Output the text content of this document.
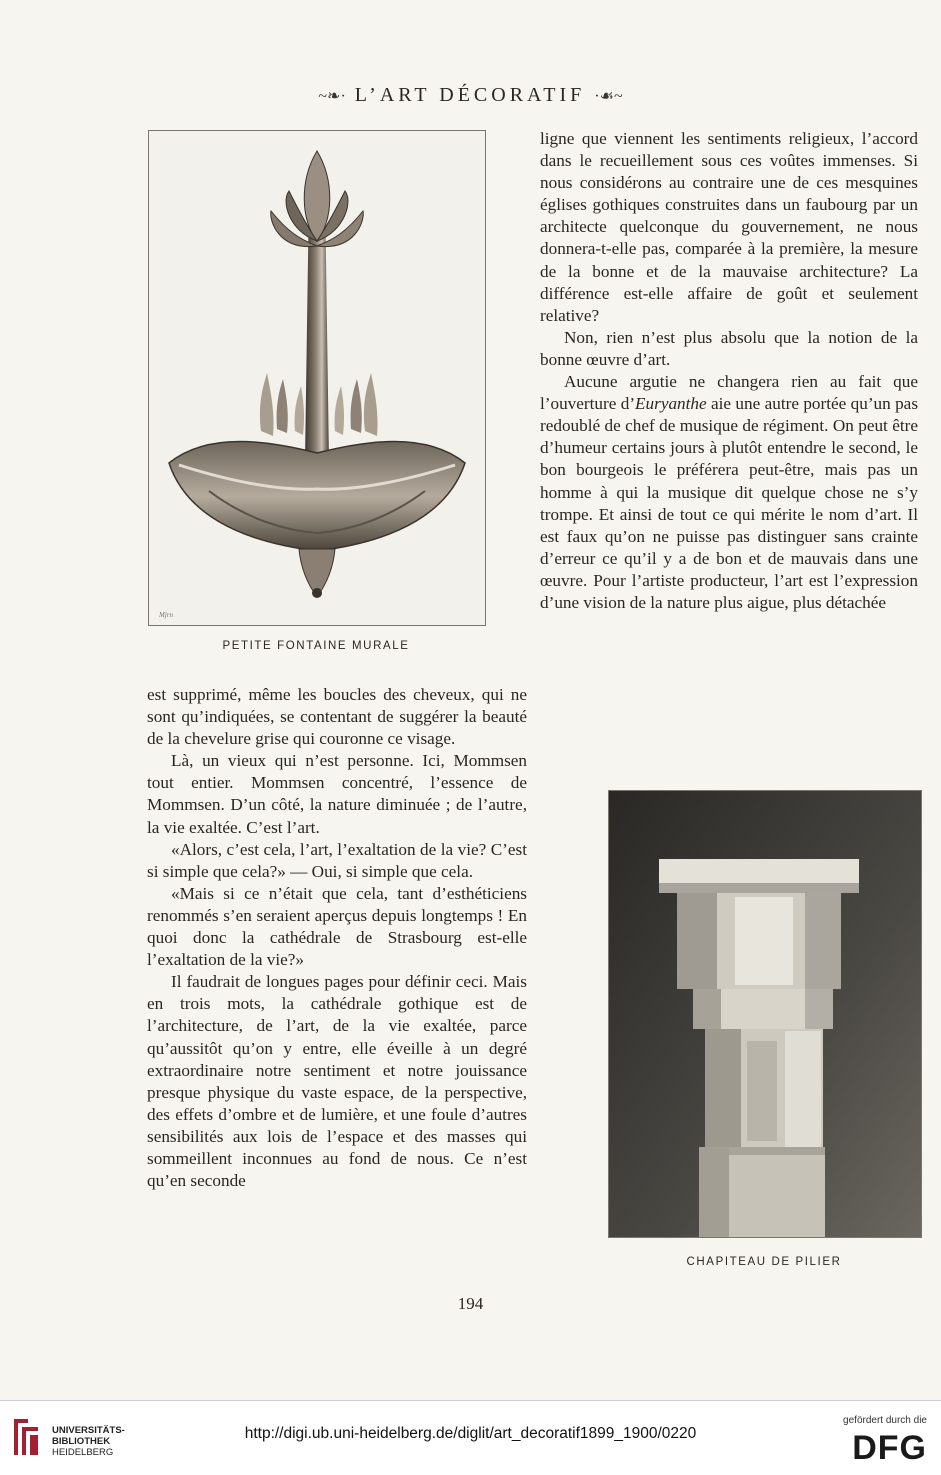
~❧· L’ART DÉCORATIF ·☙~
Mjrn
PETITE FONTAINE MURALE

est supprimé, même les boucles des cheveux, qui ne sont qu’indiquées, se contentant de suggérer la beauté de la chevelure grise qui couronne ce visage.

Là, un vieux qui n’est personne. Ici, Mommsen tout entier. Mommsen concentré, l’essence de Mommsen. D’un côté, la nature diminuée ; de l’autre, la vie exaltée. C’est l’art.

«Alors, c’est cela, l’art, l’exaltation de la vie? C’est si simple que cela?» — Oui, si simple que cela.

«Mais si ce n’était que cela, tant d’esthéticiens renommés s’en seraient aperçus depuis longtemps ! En quoi donc la cathédrale de Strasbourg est-elle l’exaltation de la vie?»

Il faudrait de longues pages pour définir ceci. Mais en trois mots, la cathédrale gothique est de l’architecture, de l’art, de la vie exaltée, parce qu’aussitôt qu’on y entre, elle éveille à un degré extraordinaire notre sentiment et notre jouissance presque physique du vaste espace, de la perspective, des effets d’ombre et de lumière, et une foule d’autres sensibilités aux lois de l’espace et des masses qui sommeillent inconnues au fond de nous. Ce n’est qu’en seconde

ligne que viennent les sentiments religieux, l’accord dans le recueillement sous ces voûtes immenses. Si nous considérons au contraire une de ces mesquines églises gothiques construites dans un faubourg par un architecte quelconque du gouvernement, ne nous donnera-t-elle pas, comparée à la première, la mesure de la bonne et de la mauvaise architecture? La différence est-elle affaire de goût et seulement relative?

Non, rien n’est plus absolu que la notion de la bonne œuvre d’art.

Aucune argutie ne changera rien au fait que l’ouverture d’Euryanthe aie une autre portée qu’un pas redoublé de chef de musique de régiment. On peut être d’humeur certains jours à plutôt entendre le second, le bon bourgeois le préférera peut-être, mais pas un homme à qui la musique dit quelque chose ne s’y trompe. Et ainsi de tout ce qui mérite le nom d’art. Il est faux qu’on ne puisse pas distinguer sans crainte d’erreur ce qu’il y a de bon et de mauvais dans une œuvre. Pour l’artiste producteur, l’art est l’expression d’une vision de la nature plus aigue, plus détachée

CHAPITEAU DE PILIER
194
UNIVERSITÄTS-
BIBLIOTHEK
HEIDELBERG
http://digi.ub.uni-heidelberg.de/diglit/art_decoratif1899_1900/0220
gefördert durch die
DFG
